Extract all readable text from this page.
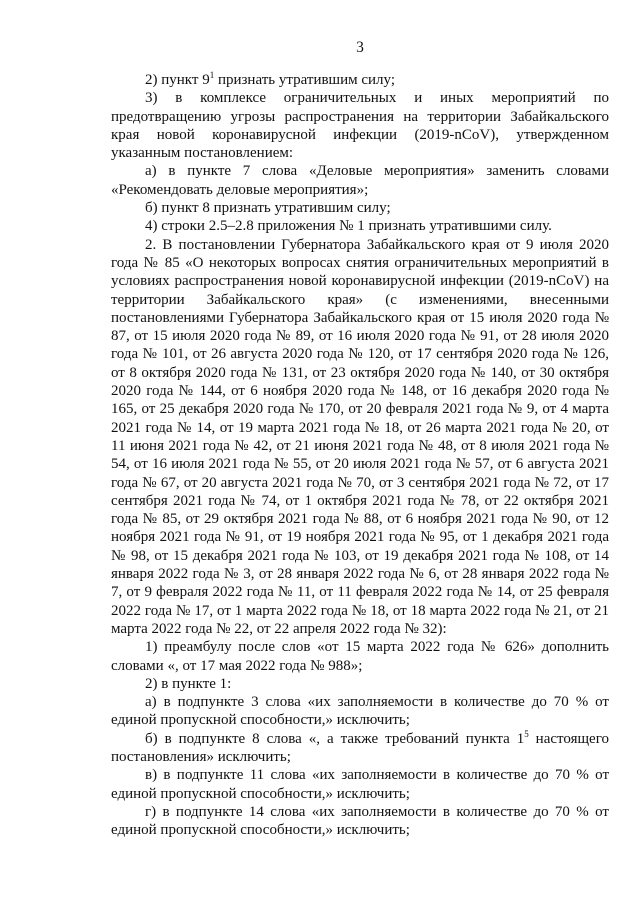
3

2) пункт $9^1$ признать утратившим силу;

3) в комплексе ограничительных и иных мероприятий по предотвращению угрозы распространения на территории Забайкальского края новой коронавирусной инфекции (2019-nCoV), утвержденном указанным постановлением:

а) в пункте 7 слова «Деловые мероприятия» заменить словами «Рекомендовать деловые мероприятия»;

б) пункт 8 признать утратившим силу;

4) строки 2.5–2.8 приложения № 1 признать утратившими силу.

2. В постановлении Губернатора Забайкальского края от 9 июля 2020 года № 85 «О некоторых вопросах снятия ограничительных мероприятий в условиях распространения новой коронавирусной инфекции (2019-nCoV) на территории Забайкальского края» (с изменениями, внесенными постановлениями Губернатора Забайкальского края от 15 июля 2020 года № 87, от 15 июля 2020 года № 89, от 16 июля 2020 года № 91, от 28 июля 2020 года № 101, от 26 августа 2020 года № 120, от 17 сентября 2020 года № 126, от 8 октября 2020 года № 131, от 23 октября 2020 года № 140, от 30 октября 2020 года № 144, от 6 ноября 2020 года № 148, от 16 декабря 2020 года № 165, от 25 декабря 2020 года № 170, от 20 февраля 2021 года № 9, от 4 марта 2021 года № 14, от 19 марта 2021 года № 18, от 26 марта 2021 года № 20, от 11 июня 2021 года № 42, от 21 июня 2021 года № 48, от 8 июля 2021 года № 54, от 16 июля 2021 года № 55, от 20 июля 2021 года № 57, от 6 августа 2021 года № 67, от 20 августа 2021 года № 70, от 3 сентября 2021 года № 72, от 17 сентября 2021 года № 74, от 1 октября 2021 года № 78, от 22 октября 2021 года № 85, от 29 октября 2021 года № 88, от 6 ноября 2021 года № 90, от 12 ноября 2021 года № 91, от 19 ноября 2021 года № 95, от 1 декабря 2021 года № 98, от 15 декабря 2021 года № 103, от 19 декабря 2021 года № 108, от 14 января 2022 года № 3, от 28 января 2022 года № 6, от 28 января 2022 года № 7, от 9 февраля 2022 года № 11, от 11 февраля 2022 года № 14, от 25 февраля 2022 года № 17, от 1 марта 2022 года № 18, от 18 марта 2022 года № 21, от 21 марта 2022 года № 22, от 22 апреля 2022 года № 32):

1) преамбулу после слов «от 15 марта 2022 года № 626» дополнить словами «, от 17 мая 2022 года № 988»;

2) в пункте 1:

а) в подпункте 3 слова «их заполняемости в количестве до 70 % от единой пропускной способности,» исключить;

б) в подпункте 8 слова «, а также требований пункта $1^5$ настоящего постановления» исключить;

в) в подпункте 11 слова «их заполняемости в количестве до 70 % от единой пропускной способности,» исключить;

г) в подпункте 14 слова «их заполняемости в количестве до 70 % от единой пропускной способности,» исключить;
